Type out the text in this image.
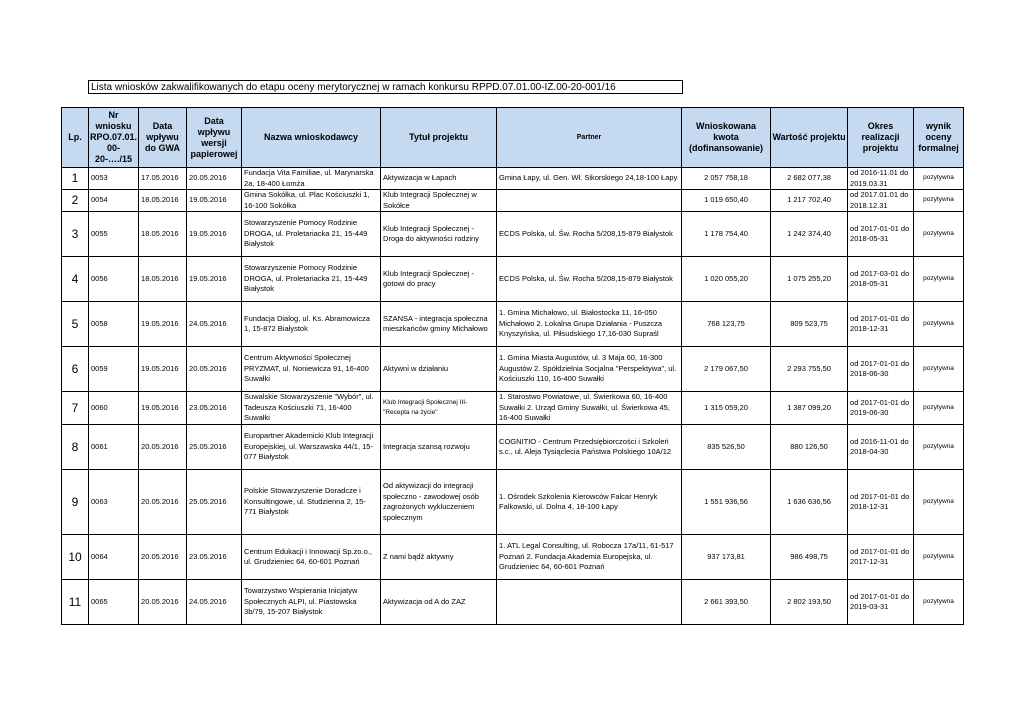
Lista wniosków zakwalifikowanych do etapu oceny merytorycznej w ramach konkursu RPPD.07.01.00-IZ.00-20-001/16
Lp.	Nr wniosku RPO.07.01. 00-20-…./15	Data wpływu do GWA	Data wpływu wersji papierowej	Nazwa wnioskodawcy	Tytuł projektu	Partner	Wnioskowana kwota (dofinansowanie)	Wartość projektu	Okres realizacji projektu	wynik oceny formalnej
1	0053	17.05.2016	20.05.2016	Fundacja Vita Familiae, ul. Marynarska 2a, 18-400 Łomża	Aktywizacja w Łapach	Gmina Łapy, ul. Gen. Wł. Sikorskiego 24,18-100 Łapy	2 057 758,18	2 682 077,38	od 2016-11.01 do 2019.03.31	pozytywna
2	0054	18.05.2016	19.05.2016	Gmina Sokółka, ul. Plac Kościuszki 1, 16-100 Sokółka	Klub Integracji Społecznej w Sokółce		1 019 650,40	1 217 702,40	od 2017.01.01 do 2018.12.31	pozytywna
3	0055	18.05.2016	19.05.2016	Stowarzyszenie Pomocy Rodzinie DROGA, ul. Proletariacka 21, 15-449 Białystok	Klub Integracji Społecznej - Droga do aktywności rodziny	ECDS Polska, ul. Św. Rocha 5/208,15-879 Białystok	1 178 754,40	1 242 374,40	od 2017-01-01 do 2018-05-31	pozytywna
4	0056	18.05.2016	19.05.2016	Stowarzyszenie Pomocy Rodzinie DROGA, ul. Proletariacka 21, 15-449 Białystok	Klub Integracji Społecznej - gotowi do pracy	ECDS Polska, ul. Św. Rocha 5/208,15-879 Białystok	1 020 055,20	1 075 255,20	od 2017-03-01 do 2018-05-31	pozytywna
5	0058	19.05.2016	24.05.2016	Fundacja Dialog, ul. Ks. Abramowicza 1, 15-872 Białystok	SZANSA - integracja społeczna mieszkańców gminy Michałowo	1. Gmina Michałowo, ul. Białostocka 11, 16-050 Michałowo 2. Lokalna Grupa Działania - Puszcza Knyszyńska, ul. Piłsudskiego 17,16-030 Supraśl	768 123,75	809 523,75	od 2017-01-01 do 2018-12-31	pozytywna
6	0059	19.05.2016	20.05.2016	Centrum Aktywności Społecznej PRYZMAT, ul. Noniewicza 91, 16-400 Suwałki	Aktywni w działaniu	1. Gmina Miasta Augustów, ul. 3 Maja 60, 16-300 Augustów 2. Spółdzielnia Socjalna "Perspektywa", ul. Kościuszki 110, 16-400 Suwałki	2 179 067,50	2 293 755,50	od 2017-01-01 do 2018-06-30	pozytywna
7	0060	19.05.2016	23.05.2016	Suwalskie Stowarzyszenie "Wybór", ul. Tadeusza Kościuszki 71, 16-400 Suwałki	Klub Integracji Społecznej III- "Recepta na życie"	1. Starostwo Powiatowe, ul. Świerkowa 60, 16-400 Suwałki 2. Urząd Gminy Suwałki, ul. Świerkowa 45, 16-400 Suwałki	1 315 059,20	1 387 099,20	od 2017-01-01 do 2019-06-30	pozytywna
8	0061	20.05.2016	25.05.2016	Europartner Akademicki Klub Integracji Europejskiej, ul. Warszawska 44/1, 15-077 Białystok	Integracja szansą rozwoju	COGNITIO - Centrum Przedsiębiorczości i Szkoleń s.c., ul. Aleja Tysiąclecia Państwa Polskiego 10A/12	835 526,50	880 126,50	od 2016-11-01 do 2018-04-30	pozytywna
9	0063	20.05.2016	25.05.2016	Polskie Stowarzyszenie Doradcze i Konsultingowe, ul. Studzienna 2, 15-771 Białystok	Od aktywizacji do integracji społeczno - zawodowej osób zagrożonych wykluczeniem społecznym	1. Ośrodek Szkolenia Kierowców Falcar Henryk Falkowski, ul. Dolna 4, 18-100 Łapy	1 551 936,56	1 636 636,56	od 2017-01-01 do 2018-12-31	pozytywna
10	0064	20.05.2016	23.05.2016	Centrum Edukacji i Innowacji Sp.zo.o., ul. Grudzieniec 64, 60-601 Poznań	Z nami bądź aktywny	1. ATL Legal Consulting, ul. Robocza 17a/11, 61-517 Poznań 2. Fundacja Akademia Europejska, ul. Grudzieniec 64, 60-601 Poznań	937 173,81	986 498,75	od 2017-01-01 do 2017-12-31	pozytywna
11	0065	20.05.2016	24.05.2016	Towarzystwo Wspierania Inicjatyw Społecznych ALPI, ul. Piastowska 3b/79, 15-207 Białystok	Aktywizacja od A do ZAZ		2 661 393,50	2 802 193,50	od 2017-01-01 do 2019-03-31	pozytywna
